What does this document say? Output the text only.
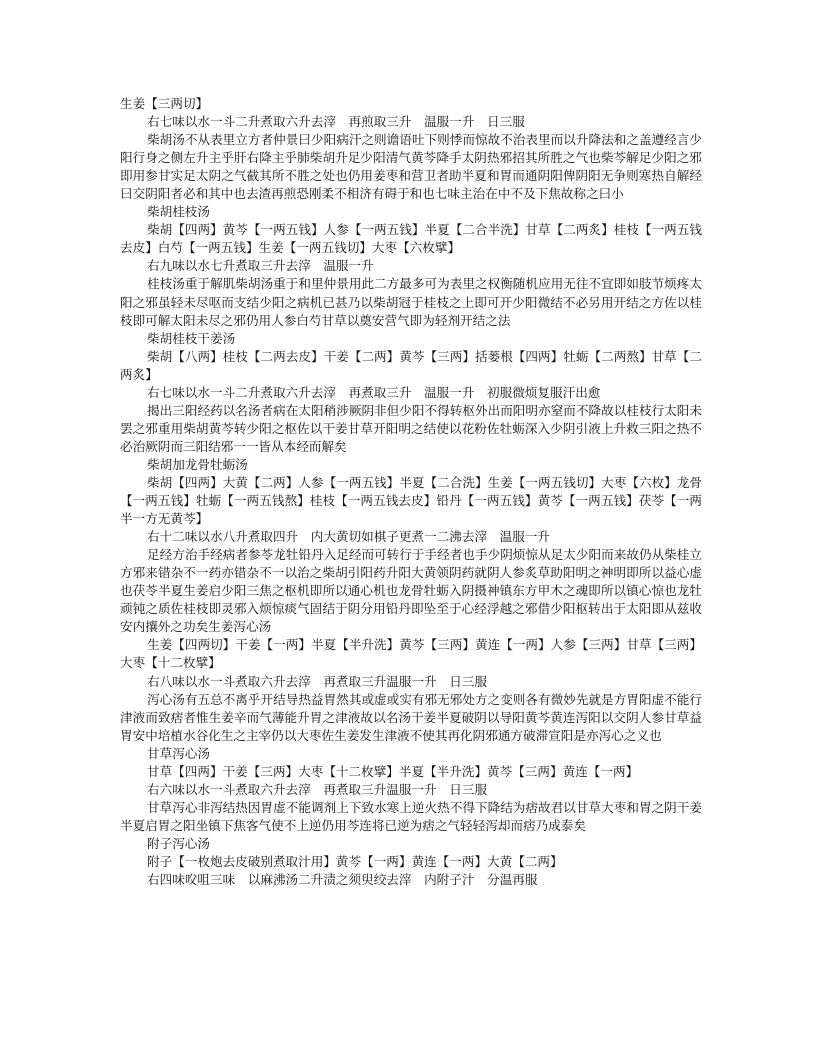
生姜【三两切】

右七味以水一斗二升煮取六升去滓　再煎取三升　温服一升　日三服

柴胡汤不从表里立方者仲景曰少阳病汗之则谵语吐下则悸而惊故不治表里而以升降法和之盖遵经言少阳行身之侧左升主乎肝右降主乎肺柴胡升足少阳清气黄芩降手太阴热邪招其所胜之气也柴芩解足少阳之邪即用参甘实足太阴之气截其所不胜之处也仍用姜枣和营卫者助半夏和胃而通阴阳俾阴阳无争则寒热自解经曰交阴阳者必和其中也去渣再煎恐刚柔不相济有碍于和也七味主治在中不及下焦故称之曰小

柴胡桂枝汤

柴胡【四两】黄芩【一两五钱】人参【一两五钱】半夏【二合半洗】甘草【二两炙】桂枝【一两五钱去皮】白芍【一两五钱】生姜【一两五钱切】大枣【六枚擘】

右九味以水七升煮取三升去滓　温服一升

桂枝汤重于解肌柴胡汤重于和里仲景用此二方最多可为表里之权衡随机应用无往不宜即如肢节烦疼太阳之邪虽轻未尽呕而支结少阳之病机已甚乃以柴胡冠于桂枝之上即可开少阳微结不必另用开结之方佐以桂枝即可解太阳未尽之邪仍用人参白芍甘草以奠安营气即为轻剂开结之法

柴胡桂枝干姜汤

柴胡【八两】桂枝【二两去皮】干姜【二两】黄芩【三两】括蒌根【四两】牡蛎【二两熬】甘草【二两炙】

右七味以水一斗二升煮取六升去滓　再煮取三升　温服一升　初服微烦复服汗出愈

揭出三阳经药以名汤者病在太阳稍涉厥阴非但少阳不得转枢外出而阳明亦窒而不降故以桂枝行太阳未罢之邪重用柴胡黄芩转少阳之枢佐以干姜甘草开阳明之结使以花粉佐牡蛎深入少阴引液上升救三阳之热不必治厥阴而三阳结邪一一皆从本经而解矣

柴胡加龙骨牡蛎汤

柴胡【四两】大黄【二两】人参【一两五钱】半夏【二合洗】生姜【一两五钱切】大枣【六枚】龙骨【一两五钱】牡蛎【一两五钱熬】桂枝【一两五钱去皮】铅丹【一两五钱】黄芩【一两五钱】茯苓【一两半一方无黄芩】

右十二味以水八升煮取四升　内大黄切如棋子更煮一二沸去滓　温服一升

足经方治手经病者参苓龙牡铅丹入足经而可转行于手经者也手少阴烦惊从足太少阳而来故仍从柴桂立方邪来错杂不一药亦错杂不一以治之柴胡引阳药升阳大黄领阴药就阴人参炙草助阳明之神明即所以益心虚也茯苓半夏生姜启少阳三焦之枢机即所以通心机也龙骨牡蛎入阴摄神镇东方甲木之魂即所以镇心惊也龙牡顽钝之质佐桂枝即灵邪入烦惊痰气固结于阴分用铅丹即坠至于心经浮越之邪借少阳枢转出于太阳即从兹收安内攘外之功矣生姜泻心汤

生姜【四两切】干姜【一两】半夏【半升洗】黄芩【三两】黄连【一两】人参【三两】甘草【三两】大枣【十二枚擘】

右八味以水一斗煮取六升去滓　再煮取三升温服一升　日三服

泻心汤有五总不离乎开结导热益胃然其或虚或实有邪无邪处方之变则各有微妙先就是方胃阳虚不能行津液而致痞者惟生姜辛而气薄能升胃之津液故以名汤干姜半夏破阴以导阳黄芩黄连泻阳以交阴人参甘草益胃安中培植水谷化生之主宰仍以大枣佐生姜发生津液不使其再化阴邪通方破滞宣阳是亦泻心之义也

甘草泻心汤

甘草【四两】干姜【三两】大枣【十二枚擘】半夏【半升洗】黄芩【三两】黄连【一两】

右六味以水一斗煮取六升去滓　再煮取三升温服一升　日三服

甘草泻心非泻结热因胃虚不能调剂上下致水寒上逆火热不得下降结为痞故君以甘草大枣和胃之阴干姜半夏启胃之阳坐镇下焦客气使不上逆仍用芩连将已逆为痞之气轻轻泻却而痞乃成泰矣

附子泻心汤

附子【一枚炮去皮破别煮取汁用】黄芩【一两】黄连【一两】大黄【二两】

右四味㕮咀三味　以麻沸汤二升渍之须臾绞去滓　内附子汁　分温再服
